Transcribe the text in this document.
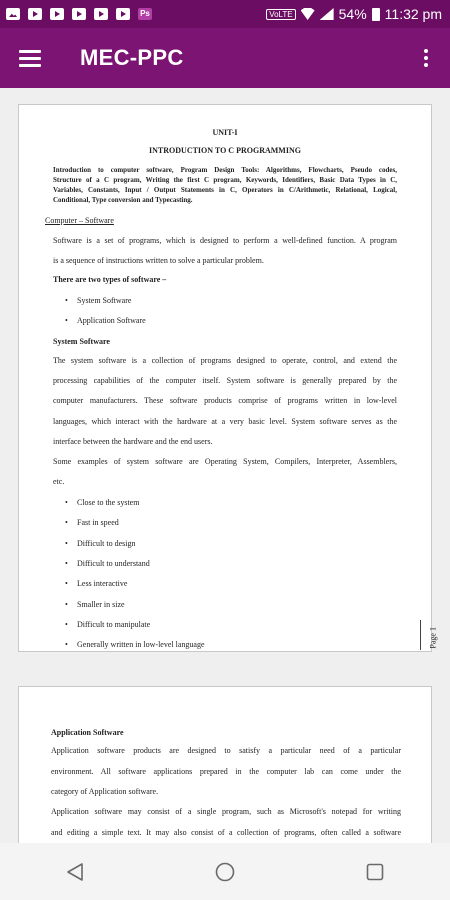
Ps	VoLTE	54% 11:32 pm
MEC-PPC
UNIT-I
INTRODUCTION TO C PROGRAMMING
Introduction to computer software, Program Design Tools: Algorithms, Flowcharts, Pseudo codes,
Structure of a C program, Writing the first C program, Keywords, Identifiers, Basic Data Types in C,
Variables, Constants, Input / Output Statements in C, Operators in C/Arithmetic, Relational, Logical,
Conditional, Type conversion and Typecasting.
Computer – Software
Software is a set of programs, which is designed to perform a well-defined function. A program
is a sequence of instructions written to solve a particular problem.
There are two types of software –
• System Software
• Application Software
System Software
The system software is a collection of programs designed to operate, control, and extend the
processing capabilities of the computer itself. System software is generally prepared by the
computer manufacturers. These software products comprise of programs written in low-level
languages, which interact with the hardware at a very basic level. System software serves as the
interface between the hardware and the end users.
Some examples of system software are Operating System, Compilers, Interpreter, Assemblers,
etc.
• Close to the system
• Fast in speed
• Difficult to design
• Difficult to understand
• Less interactive
• Smaller in size
• Difficult to manipulate
• Generally written in low-level language	Page 1
Application Software
Application software products are designed to satisfy a particular need of a particular
environment. All software applications prepared in the computer lab can come under the
category of Application software.
Application software may consist of a single program, such as Microsoft's notepad for writing
and editing a simple text. It may also consist of a collection of programs, often called a software
